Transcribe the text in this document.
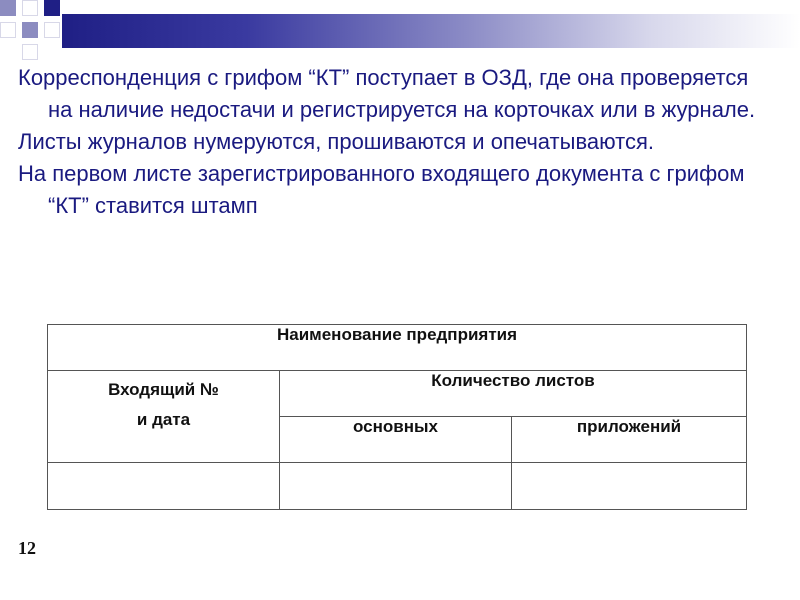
Корреспонденция с грифом “КТ” поступает в ОЗД, где она проверяется на наличие недостачи и регистрируется на корточках или в журнале.

Листы журналов нумеруются, прошиваются и опечатываются.

На первом листе зарегистрированного входящего документа с грифом “КТ” ставится штамп

Наименование предприятия		

Входящий №
и дата	Количество листов	
	основных	приложений

12
